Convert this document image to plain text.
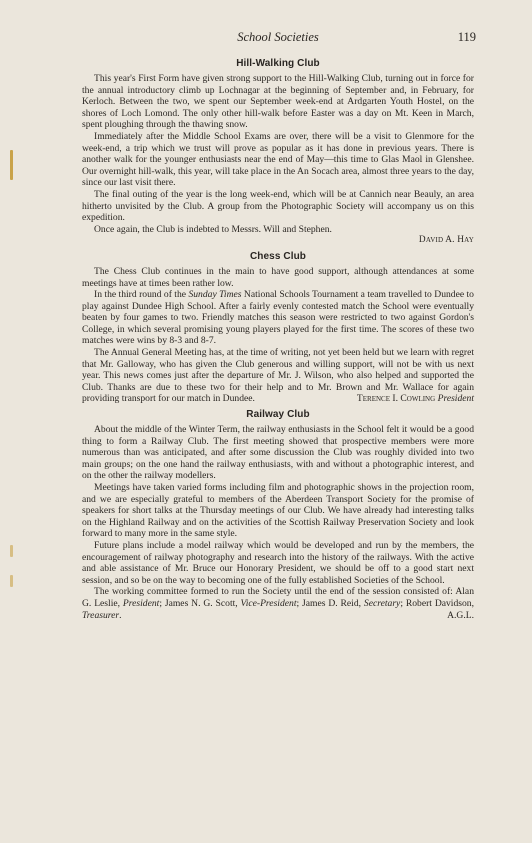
School Societies	119
Hill-Walking Club

This year's First Form have given strong support to the Hill-Walking Club, turning out in force for the annual introductory climb up Lochnagar at the beginning of September and, in February, for Kerloch. Between the two, we spent our September week-end at Ardgarten Youth Hostel, on the shores of Loch Lomond. The only other hill-walk before Easter was a day on Mt. Keen in March, spent ploughing through the thawing snow.

Immediately after the Middle School Exams are over, there will be a visit to Glenmore for the week-end, a trip which we trust will prove as popular as it has done in previous years. There is another walk for the younger enthusiasts near the end of May—this time to Glas Maol in Glenshee. Our overnight hill-walk, this year, will take place in the An Socach area, almost three years to the day, since our last visit there.

The final outing of the year is the long week-end, which will be at Cannich near Beauly, an area hitherto unvisited by the Club. A group from the Photographic Society will accompany us on this expedition.

Once again, the Club is indebted to Messrs. Will and Stephen.

David A. Hay
Chess Club

The Chess Club continues in the main to have good support, although attendances at some meetings have at times been rather low.

In the third round of the Sunday Times National Schools Tournament a team travelled to Dundee to play against Dundee High School. After a fairly evenly contested match the School were eventually beaten by four games to two. Friendly matches this season were restricted to two against Gordon's College, in which several promising young players played for the first time. The scores of these two matches were wins by 8-3 and 8-7.

The Annual General Meeting has, at the time of writing, not yet been held but we learn with regret that Mr. Galloway, who has given the Club generous and willing support, will not be with us next year. This news comes just after the departure of Mr. J. Wilson, who also helped and supported the Club. Thanks are due to these two for their help and to Mr. Brown and Mr. Wallace for again providing transport for our match in Dundee.	Terence I. Cowling President

Railway Club

About the middle of the Winter Term, the railway enthusiasts in the School felt it would be a good thing to form a Railway Club. The first meeting showed that prospective members were more numerous than was anticipated, and after some discussion the Club was roughly divided into two main groups; on the one hand the railway enthusiasts, with and without a photographic interest, and on the other the railway modellers.

Meetings have taken varied forms including film and photographic shows in the projection room, and we are especially grateful to members of the Aberdeen Transport Society for the promise of speakers for short talks at the Thursday meetings of our Club. We have already had interesting talks on the Highland Railway and on the activities of the Scottish Railway Preservation Society and look forward to many more in the same style.

Future plans include a model railway which would be developed and run by the members, the encouragement of railway photography and research into the history of the railways. With the active and able assistance of Mr. Bruce our Honorary President, we should be off to a good start next session, and so be on the way to becoming one of the fully established Societies of the School.

The working committee formed to run the Society until the end of the session consisted of: Alan G. Leslie, President; James N. G. Scott, Vice-President; James D. Reid, Secretary; Robert Davidson, Treasurer.	A.G.L.
